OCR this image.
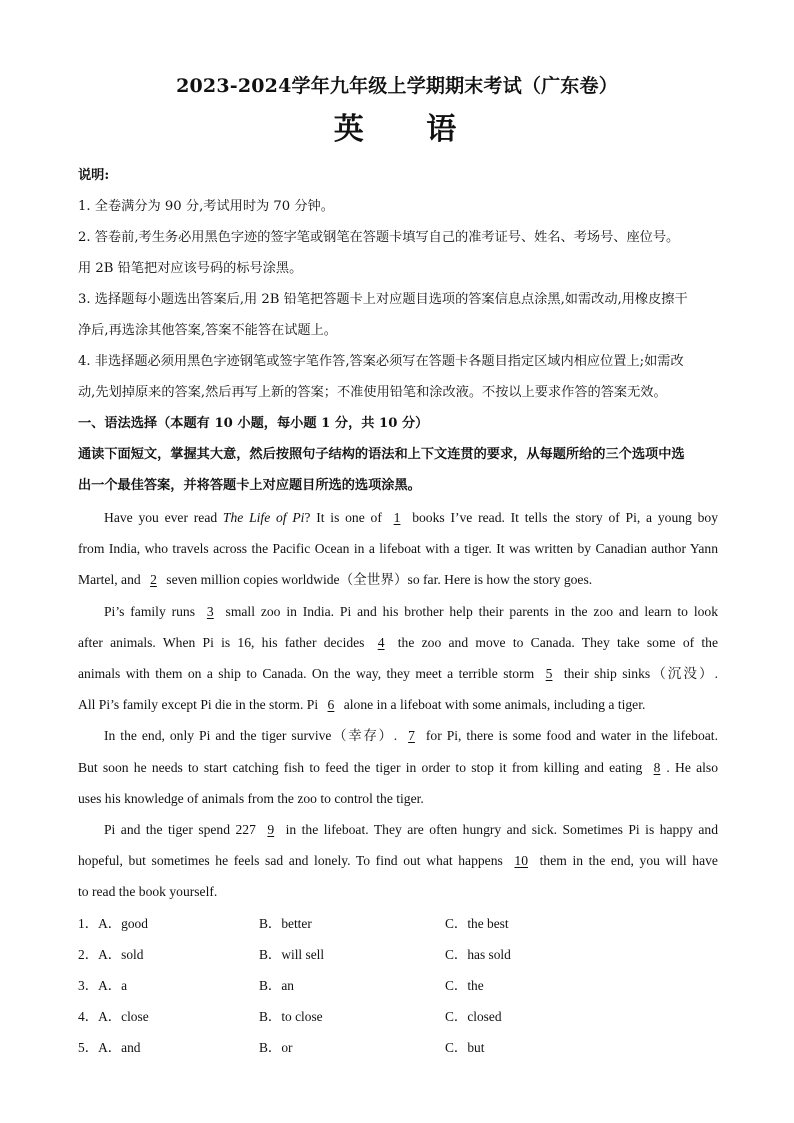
2023-2024学年九年级上学期期末考试（广东卷）
英 语
说明:
1. 全卷满分为 90 分,考试用时为 70 分钟。
2. 答卷前,考生务必用黑色字迹的签字笔或钢笔在答题卡填写自己的准考证号、姓名、考场号、座位号。
用 2B 铅笔把对应该号码的标号涂黑。
3. 选择题每小题选出答案后,用 2B 铅笔把答题卡上对应题目选项的答案信息点涂黑,如需改动,用橡皮擦干
净后,再选涂其他答案,答案不能答在试题上。
4. 非选择题必须用黑色字迹钢笔或签字笔作答,答案必须写在答题卡各题目指定区域内相应位置上;如需改
动,先划掉原来的答案,然后再写上新的答案；不准使用铅笔和涂改液。不按以上要求作答的答案无效。
一、语法选择（本题有 10 小题，每小题 1 分，共 10 分）
通读下面短文，掌握其大意，然后按照句子结构的语法和上下文连贯的要求，从每题所给的三个选项中选
出一个最佳答案，并将答题卡上对应题目所选的选项涂黑。
Have you ever read The Life of Pi? It is one of 1 books I’ve read. It tells the story of Pi, a young boy
from India, who travels across the Pacific Ocean in a lifeboat with a tiger. It was written by Canadian author Yann
Martel, and 2 seven million copies worldwide（全世界）so far. Here is how the story goes.
Pi’s family runs 3 small zoo in India. Pi and his brother help their parents in the zoo and learn to look
after animals. When Pi is 16, his father decides 4 the zoo and move to Canada. They take some of the
animals with them on a ship to Canada. On the way, they meet a terrible storm 5 their ship sinks（沉没）.
All Pi’s family except Pi die in the storm. Pi 6 alone in a lifeboat with some animals, including a tiger.
In the end, only Pi and the tiger survive（幸存）. 7 for Pi, there is some food and water in the lifeboat.
But soon he needs to start catching fish to feed the tiger in order to stop it from killing and eating 8 . He also
uses his knowledge of animals from the zoo to control the tiger.
Pi and the tiger spend 227 9 in the lifeboat. They are often hungry and sick. Sometimes Pi is happy and
hopeful, but sometimes he feels sad and lonely. To find out what happens 10 them in the end, you will have
to read the book yourself.
1．A．good	B．better	C．the best
2．A．sold	B．will sell	C．has sold
3．A．a	B．an	C．the
4．A．close	B．to close	C．closed
5．A．and	B．or	C．but
